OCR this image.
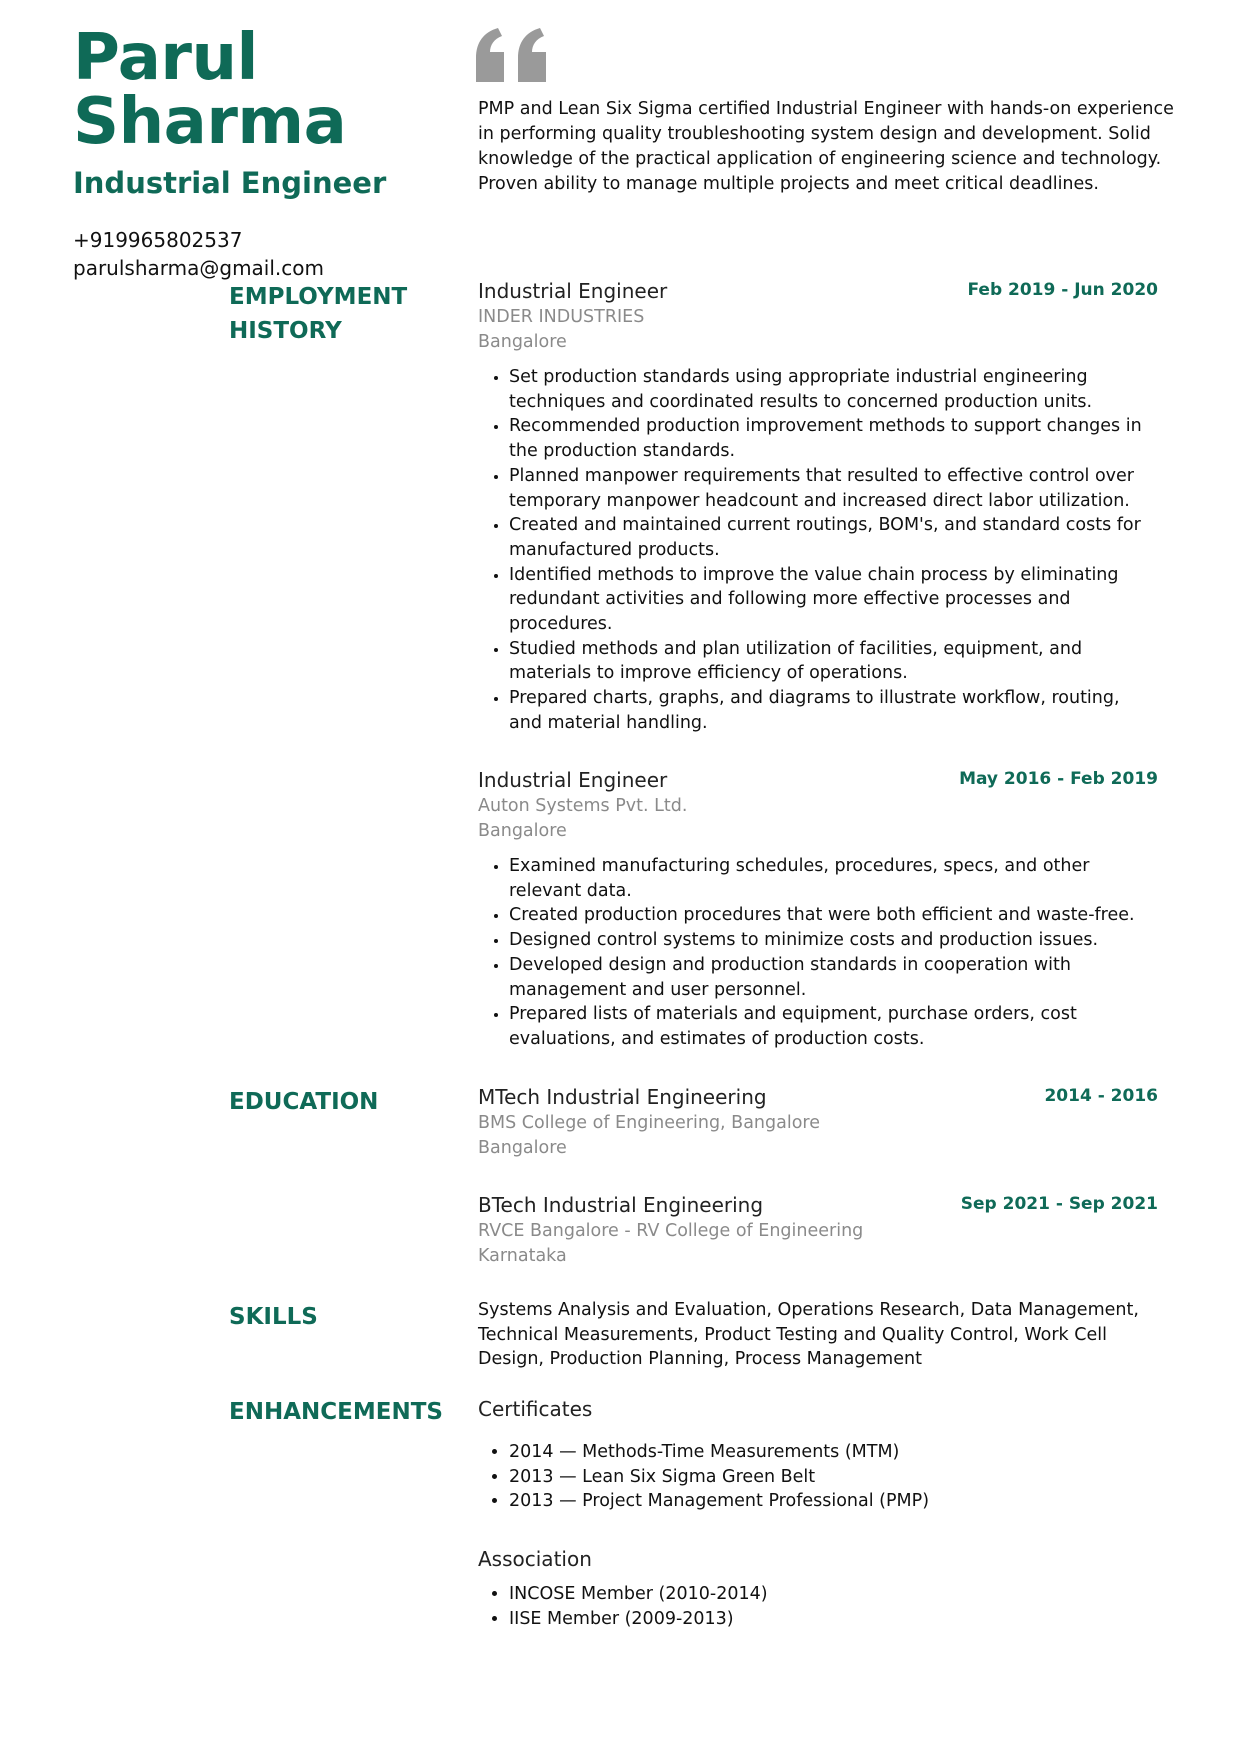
Parul
Sharma
Industrial Engineer
+919965802537
parulsharma@gmail.com
PMP and Lean Six Sigma certified Industrial Engineer with hands-on experience in performing quality troubleshooting system design and development. Solid knowledge of the practical application of engineering science and technology. Proven ability to manage multiple projects and meet critical deadlines.
EMPLOYMENT HISTORY
Industrial Engineer	Feb 2019 - Jun 2020
INDER INDUSTRIES
Bangalore
• Set production standards using appropriate industrial engineering techniques and coordinated results to concerned production units.
• Recommended production improvement methods to support changes in the production standards.
• Planned manpower requirements that resulted to effective control over temporary manpower headcount and increased direct labor utilization.
• Created and maintained current routings, BOM's, and standard costs for manufactured products.
• Identified methods to improve the value chain process by eliminating redundant activities and following more effective processes and procedures.
• Studied methods and plan utilization of facilities, equipment, and materials to improve efficiency of operations.
• Prepared charts, graphs, and diagrams to illustrate workflow, routing, and material handling.
Industrial Engineer	May 2016 - Feb 2019
Auton Systems Pvt. Ltd.
Bangalore
• Examined manufacturing schedules, procedures, specs, and other relevant data.
• Created production procedures that were both efficient and waste-free.
• Designed control systems to minimize costs and production issues.
• Developed design and production standards in cooperation with management and user personnel.
• Prepared lists of materials and equipment, purchase orders, cost evaluations, and estimates of production costs.
EDUCATION	MTech Industrial Engineering	2014 - 2016
BMS College of Engineering, Bangalore
Bangalore
BTech Industrial Engineering	Sep 2021 - Sep 2021
RVCE Bangalore - RV College of Engineering
Karnataka
SKILLS	Systems Analysis and Evaluation, Operations Research, Data Management, Technical Measurements, Product Testing and Quality Control, Work Cell Design, Production Planning, Process Management
ENHANCEMENTS Certificates
• 2014 — Methods-Time Measurements (MTM)
• 2013 — Lean Six Sigma Green Belt
• 2013 — Project Management Professional (PMP)
Association
• INCOSE Member (2010-2014)
• IISE Member (2009-2013)
